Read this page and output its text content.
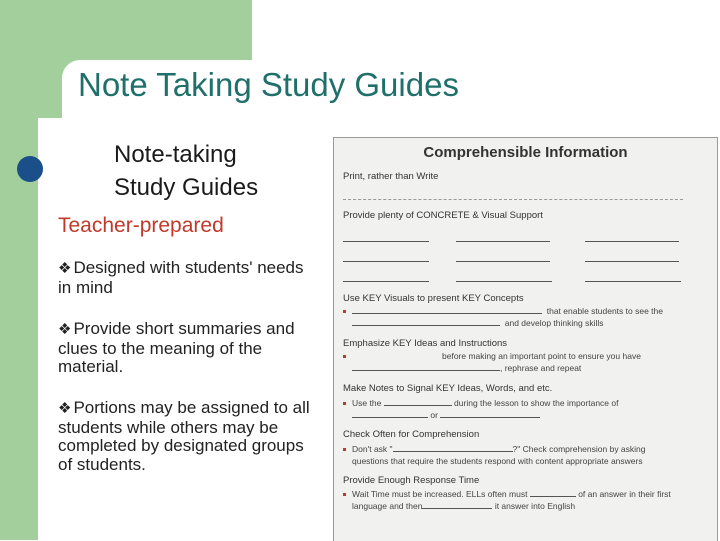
Note Taking Study Guides
Note-taking
Study Guides
Teacher-prepared
❖ Designed with students' needs in mind
❖ Provide short summaries and clues to the meaning of the material.
❖ Portions may be assigned to all students while others may be completed by designated groups of students.
Comprehensible Information
Print, rather than Write
Provide plenty of CONCRETE & Visual Support
Use KEY Visuals to present KEY Concepts
that enable students to see the
and develop thinking skills
Emphasize KEY Ideas and Instructions
before making an important point to ensure you have
, rephrase and repeat
Make Notes to Signal KEY Ideas, Words, and etc.
Use the	during the lesson to show the importance of
or
Check Often for Comprehension
Don't ask "	?" Check comprehension by asking
questions that require the students respond with content appropriate answers
Provide Enough Response Time
Wait Time must be increased. ELLs often must	of an answer in their first
language and then	it answer into English
